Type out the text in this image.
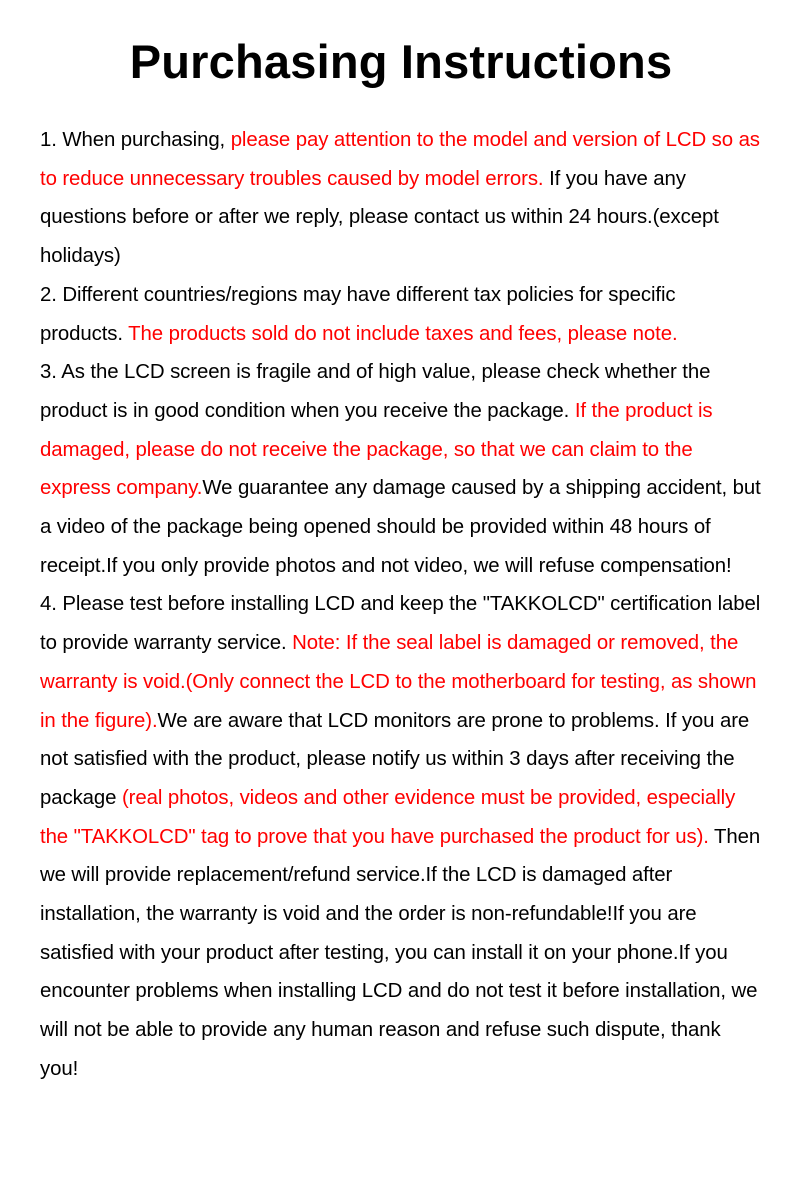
Purchasing Instructions

1. When purchasing, please pay attention to the model and version of LCD so as to reduce unnecessary troubles caused by model errors. If you have any questions before or after we reply, please contact us within 24 hours.(except holidays)

2. Different countries/regions may have different tax policies for specific products. The products sold do not include taxes and fees, please note.

3. As the LCD screen is fragile and of high value, please check whether the product is in good condition when you receive the package. If the product is damaged, please do not receive the package, so that we can claim to the express company.We guarantee any damage caused by a shipping accident, but a video of the package being opened should be provided within 48 hours of receipt.If you only provide photos and not video, we will refuse compensation!

4. Please test before installing LCD and keep the "TAKKOLCD" certification label to provide warranty service. Note: If the seal label is damaged or removed, the warranty is void.(Only connect the LCD to the motherboard for testing, as shown in the figure).We are aware that LCD monitors are prone to problems. If you are not satisfied with the product, please notify us within 3 days after receiving the package (real photos, videos and other evidence must be provided, especially the "TAKKOLCD" tag to prove that you have purchased the product for us). Then we will provide replacement/refund service.If the LCD is damaged after installation, the warranty is void and the order is non-refundable!If you are satisfied with your product after testing, you can install it on your phone.If you encounter problems when installing LCD and do not test it before installation, we will not be able to provide any human reason and refuse such dispute, thank you!
